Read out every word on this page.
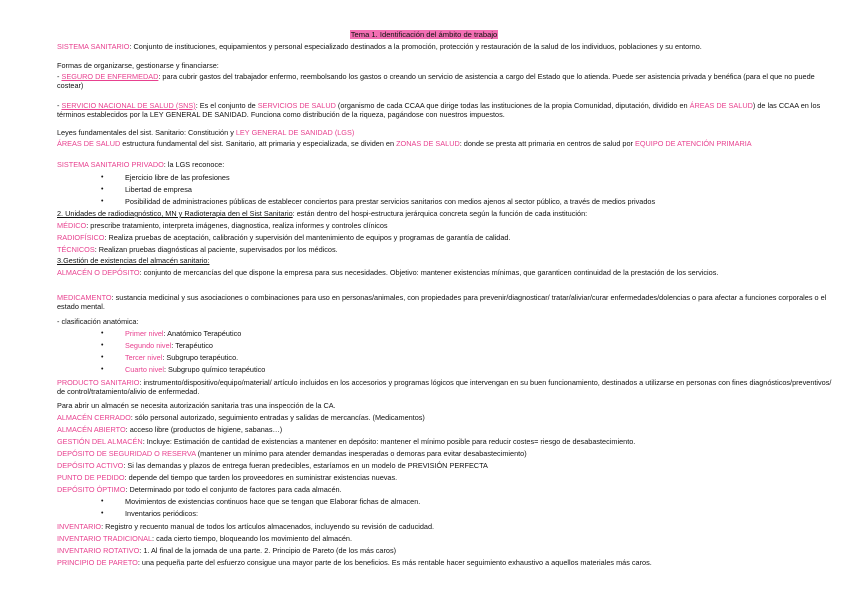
Tema 1. Identificación del ámbito de trabajo
SISTEMA SANITARIO: Conjunto de instituciones, equipamientos y personal especializado destinados a la promoción, protección y restauración de la salud de los individuos, poblaciones y su entorno.
Formas de organizarse, gestionarse y financiarse:
- SEGURO DE ENFERMEDAD: para cubrir gastos del trabajador enfermo, reembolsando los gastos o creando un servicio de asistencia a cargo del Estado que lo atienda. Puede ser asistencia privada y benéfica (para el que no puede costear)
- SERVICIO NACIONAL DE SALUD (SNS): Es el conjunto de SERVICIOS DE SALUD (organismo de cada CCAA que dirige todas las instituciones de la propia Comunidad, diputación, dividido en ÁREAS DE SALUD) de las CCAA en los términos establecidos por la LEY GENERAL DE SANIDAD. Funciona como distribución de la riqueza, pagándose con nuestros impuestos.
Leyes fundamentales del sist. Sanitario: Constitución y LEY GENERAL DE SANIDAD (LGS)
ÁREAS DE SALUD estructura fundamental del sist. Sanitario, att primaria y especializada, se dividen en ZONAS DE SALUD: donde se presta att primaria en centros de salud por EQUIPO DE ATENCIÓN PRIMARIA
SISTEMA SANITARIO PRIVADO: la LGS reconoce:
• Ejercicio libre de las profesiones
• Libertad de empresa
• Posibilidad de administraciones públicas de establecer conciertos para prestar servicios sanitarios con medios ajenos al sector público, a través de medios privados
2. Unidades de radiodiagnóstico, MN y Radioterapia den el Sist Sanitario: están dentro del hospi-estructura jerárquica concreta según la función de cada institución:
MÉDICO: prescribe tratamiento, interpreta imágenes, diagnostica, realiza informes y controles clínicos
RADIOFÍSICO: Realiza pruebas de aceptación, calibración y supervisión del mantenimiento de equipos y programas de garantía de calidad.
TÉCNICOS: Realizan pruebas diagnósticas al paciente, supervisados por los médicos.
3.Gestión de existencias del almacén sanitario:
ALMACÉN O DEPÓSITO: conjunto de mercancías del que dispone la empresa para sus necesidades. Objetivo: mantener existencias mínimas, que garanticen continuidad de la prestación de los servicios.
MEDICAMENTO: sustancia medicinal y sus asociaciones o combinaciones para uso en personas/animales, con propiedades para prevenir/diagnosticar/ tratar/aliviar/curar enfermedades/dolencias o para afectar a funciones corporales o el estado mental.
- clasificación anatómica:
• Primer nivel: Anatómico Terapéutico
• Segundo nivel: Terapéutico
• Tercer nivel: Subgrupo terapéutico.
• Cuarto nivel: Subgrupo químico terapéutico
PRODUCTO SANITARIO: instrumento/dispositivo/equipo/material/ artículo incluidos en los accesorios y programas lógicos que intervengan en su buen funcionamiento, destinados a utilizarse en personas con fines diagnósticos/preventivos/ de control/tratamiento/alivio de enfermedad.
Para abrir un almacén se necesita autorización sanitaria tras una inspección de la CA.
ALMACÉN CERRADO: sólo personal autorizado, seguimiento entradas y salidas de mercancías. (Medicamentos)
ALMACÉN ABIERTO: acceso libre (productos de higiene, sabanas…)
GESTIÓN DEL ALMACÉN: Incluye: Estimación de cantidad de existencias a mantener en depósito: mantener el mínimo posible para reducir costes= riesgo de desabastecimiento.
DEPÓSITO DE SEGURIDAD O RESERVA (mantener un mínimo para atender demandas inesperadas o demoras para evitar desabastecimiento)
DEPÓSITO ACTIVO: Si las demandas y plazos de entrega fueran predecibles, estaríamos en un modelo de PREVISIÓN PERFECTA
PUNTO DE PEDIDO: depende del tiempo que tarden los proveedores en suministrar existencias nuevas.
DEPÓSITO ÓPTIMO: Determinado por todo el conjunto de factores para cada almacén.
• Movimientos de existencias continuos hace que se tengan que Elaborar fichas de almacen.
• Inventarios periódicos:
INVENTARIO: Registro y recuento manual de todos los artículos almacenados, incluyendo su revisión de caducidad.
INVENTARIO TRADICIONAL: cada cierto tiempo, bloqueando los movimiento del almacén.
INVENTARIO ROTATIVO: 1. Al final de la jornada de una parte. 2. Principio de Pareto (de los más caros)
PRINCIPIO DE PARETO: una pequeña parte del esfuerzo consigue una mayor parte de los beneficios. Es más rentable hacer seguimiento exhaustivo a aquellos materiales más caros.
